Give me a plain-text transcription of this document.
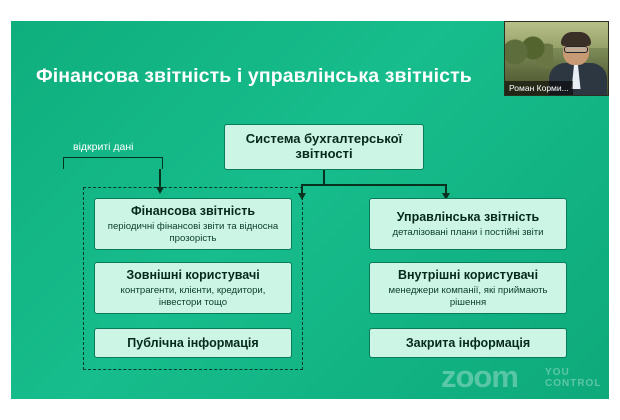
Фінансова звітність і управлінська звітність
відкриті дані
Система бухгалтерської звітності
Фінансова звітність
періодичні фінансові звіти та відносна прозорість
Зовнішні користувачі
контрагенти, клієнти, кредитори, інвестори тощо
Публічна інформація
Управлінська звітність
деталізовані плани і постійні звіти
Внутрішні користувачі
менеджери компанії, які приймають рішення
Закрита інформація
zoom	YOU
CONTROL
Роман Корми...
